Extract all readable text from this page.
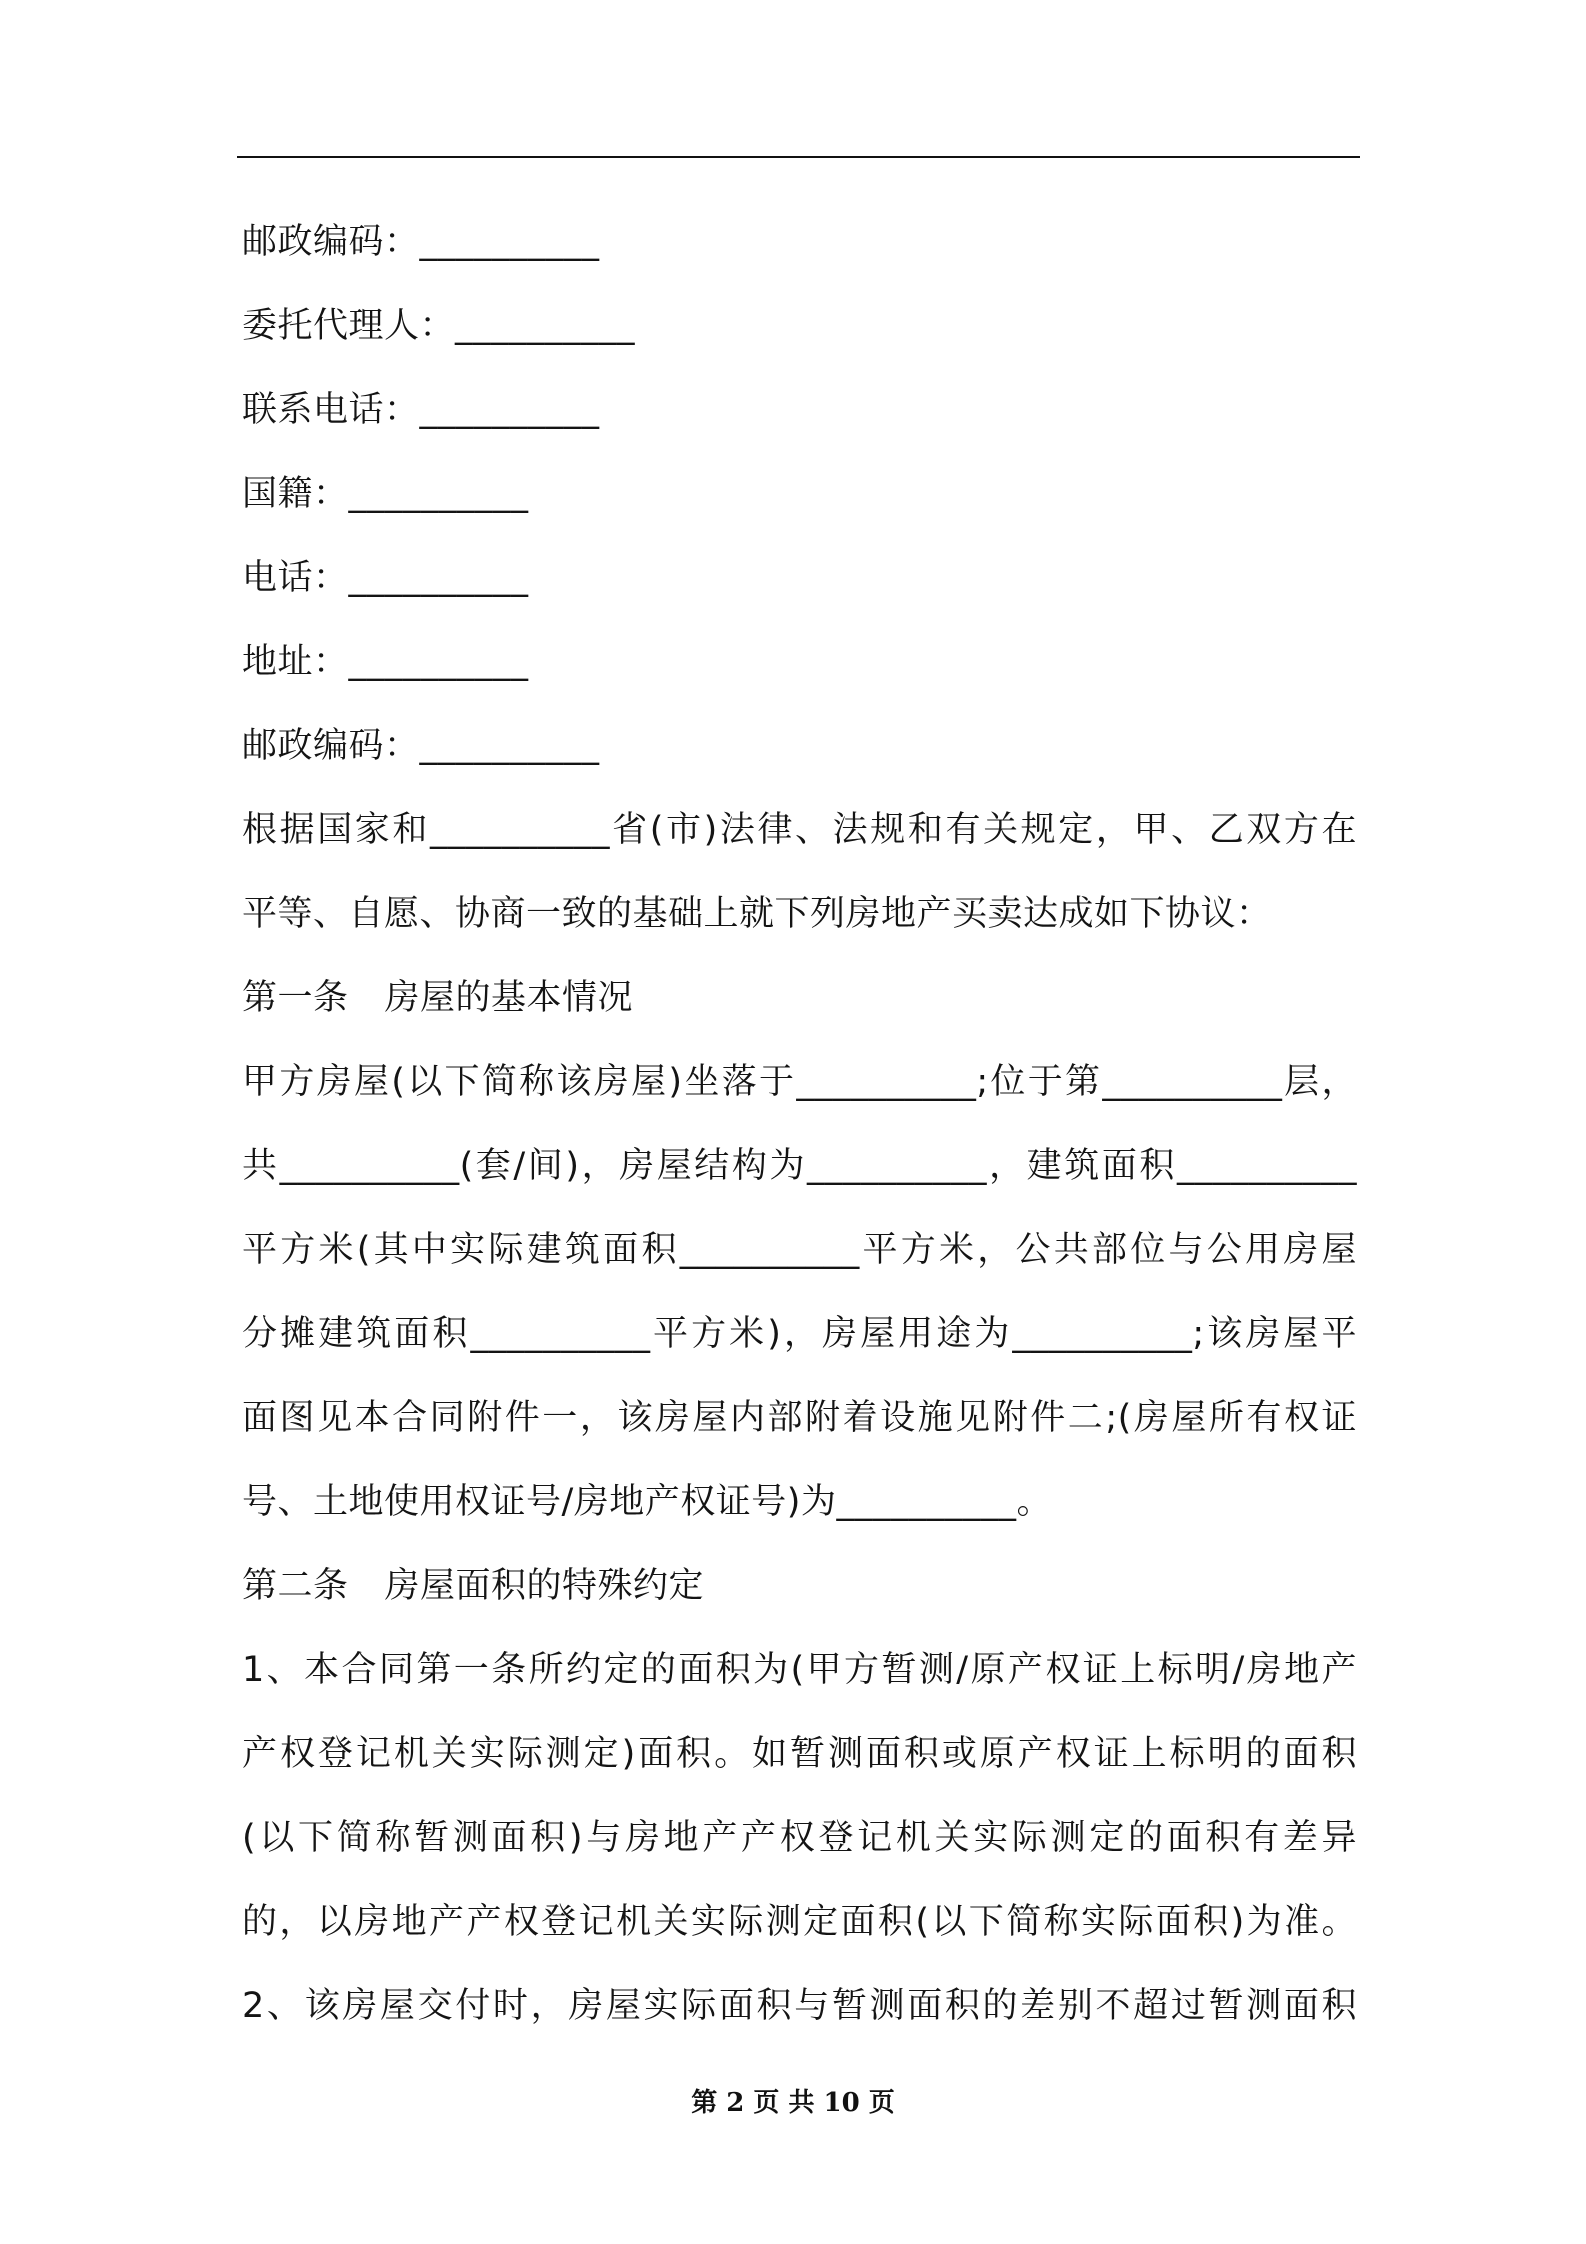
邮政编码：__________
委托代理人：__________
联系电话：__________
国籍：__________
电话：__________
地址：__________
邮政编码：__________
根据国家和__________省(市)法律、法规和有关规定，甲、乙双方在
平等、自愿、协商一致的基础上就下列房地产买卖达成如下协议：
第一条 房屋的基本情况
甲方房屋(以下简称该房屋)坐落于__________;位于第__________层，
共__________(套/间)，房屋结构为__________，建筑面积__________
平方米(其中实际建筑面积__________平方米，公共部位与公用房屋
分摊建筑面积__________平方米)，房屋用途为__________;该房屋平
面图见本合同附件一，该房屋内部附着设施见附件二;(房屋所有权证
号、土地使用权证号/房地产权证号)为__________。
第二条 房屋面积的特殊约定
1、本合同第一条所约定的面积为(甲方暂测/原产权证上标明/房地产
产权登记机关实际测定)面积。如暂测面积或原产权证上标明的面积
(以下简称暂测面积)与房地产产权登记机关实际测定的面积有差异
的，以房地产产权登记机关实际测定面积(以下简称实际面积)为准。
2、该房屋交付时，房屋实际面积与暂测面积的差别不超过暂测面积
第 2 页 共 10 页
